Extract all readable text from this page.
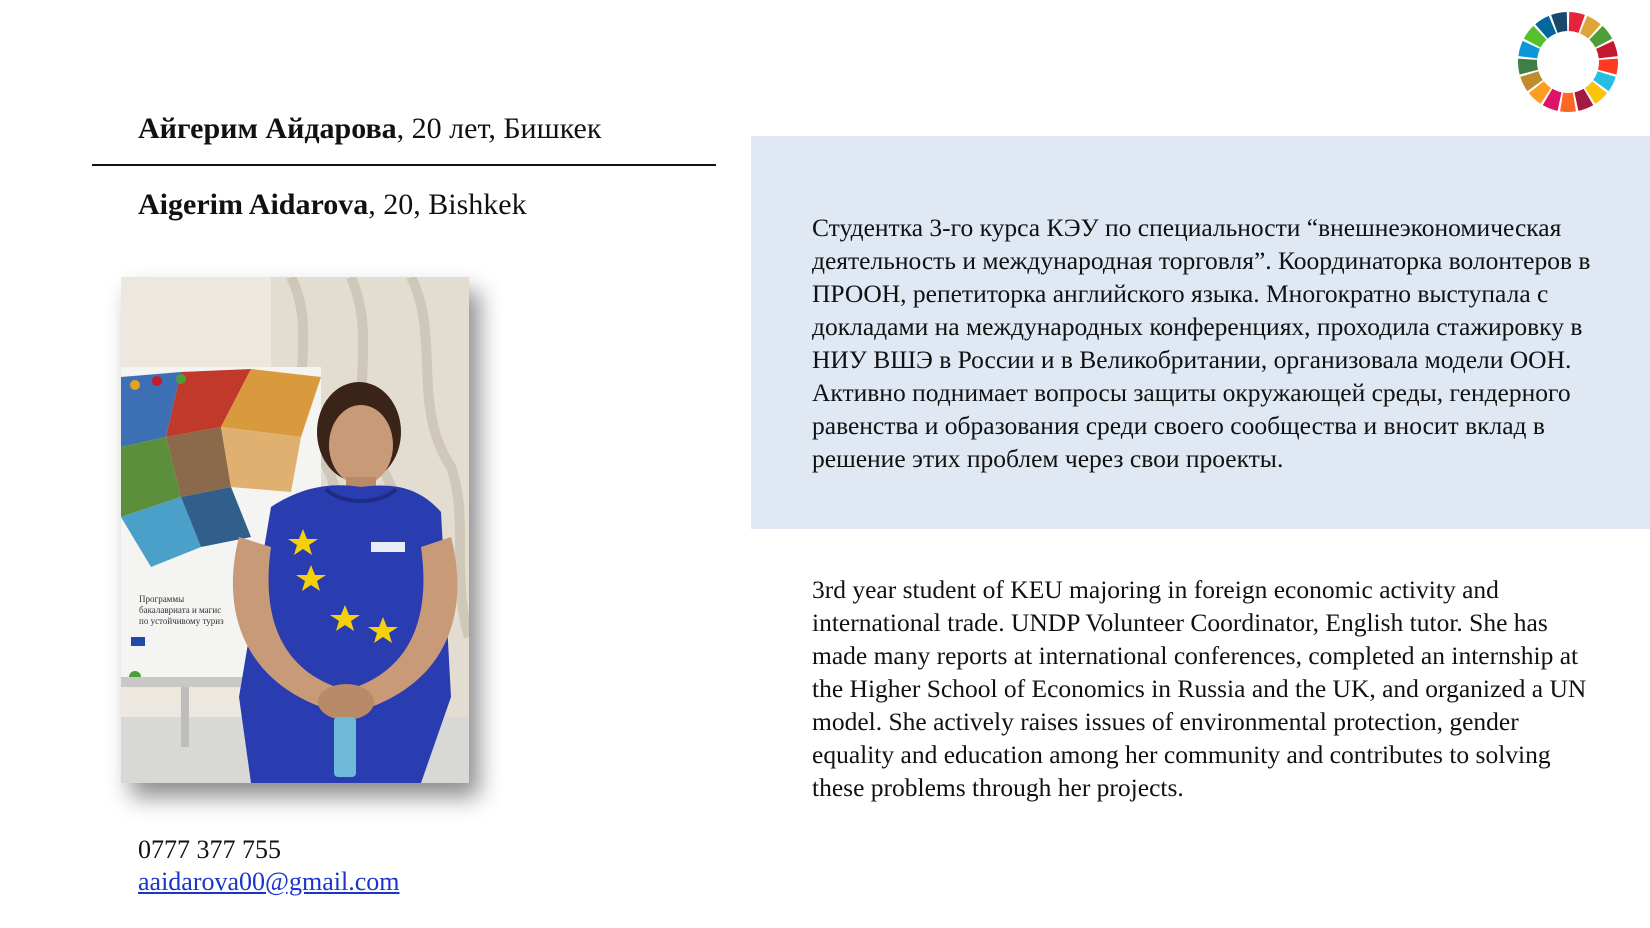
Айгерим Айдарова, 20 лет, Бишкек
Aigerim Aidarova, 20, Bishkek
Программы
бакалавриата и магис
по устойчивому туриз
0777 377 755
aaidarova00@gmail.com
Студентка 3-го курса КЭУ по специальности “внешнеэкономическая деятельность и международная торговля”. Координаторка волонтеров в ПРООН, репетиторка английского языка. Многократно выступала с докладами на международных конференциях, проходила стажировку в НИУ ВШЭ в России и в Великобритании, организовала модели ООН. Активно поднимает вопросы защиты окружающей среды, гендерного равенства и образования среди своего сообщества и вносит вклад в решение этих проблем через свои проекты.
3rd year student of KEU majoring in foreign economic activity and international trade. UNDP Volunteer Coordinator, English tutor. She has made many reports at international conferences, completed an internship at the Higher School of Economics in Russia and the UK, and organized a UN model. She actively raises issues of environmental protection, gender equality and education among her community and contributes to solving these problems through her projects.
